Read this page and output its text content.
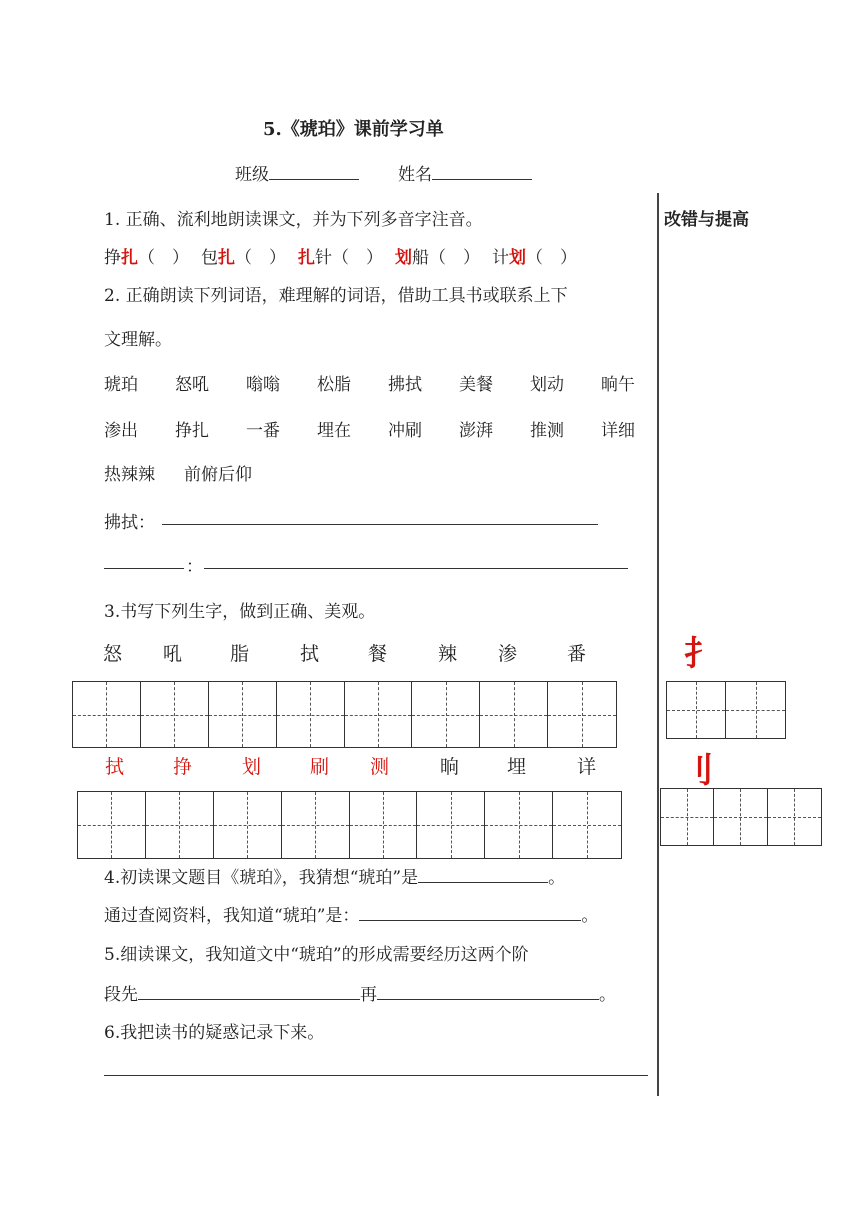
5.《琥珀》课前学习单
班级	姓名
改错与提高
1. 正确、流利地朗读课文，并为下列多音字注音。
挣扎（ ） 包扎（ ） 扎针（ ） 划船（ ） 计划（ ）
2. 正确朗读下列词语，难理解的词语，借助工具书或联系上下
文理解。
琥珀 怒吼 嗡嗡 松脂 拂拭 美餐 划动 晌午
渗出 挣扎 一番 埋在 冲刷 澎湃 推测 详细
热辣辣 前俯后仰
拂拭：
：
3.书写下列生字，做到正确、美观。
怒 吼	脂	拭	餐	辣 渗	番
拭	挣	划	刷 测	晌	埋	详
扌
刂
4.初读课文题目《琥珀》，我猜想“琥珀”是	。
通过查阅资料，我知道“琥珀”是：	。
5.细读课文，我知道文中“琥珀”的形成需要经历这两个阶
段先	再	。
6.我把读书的疑惑记录下来。
